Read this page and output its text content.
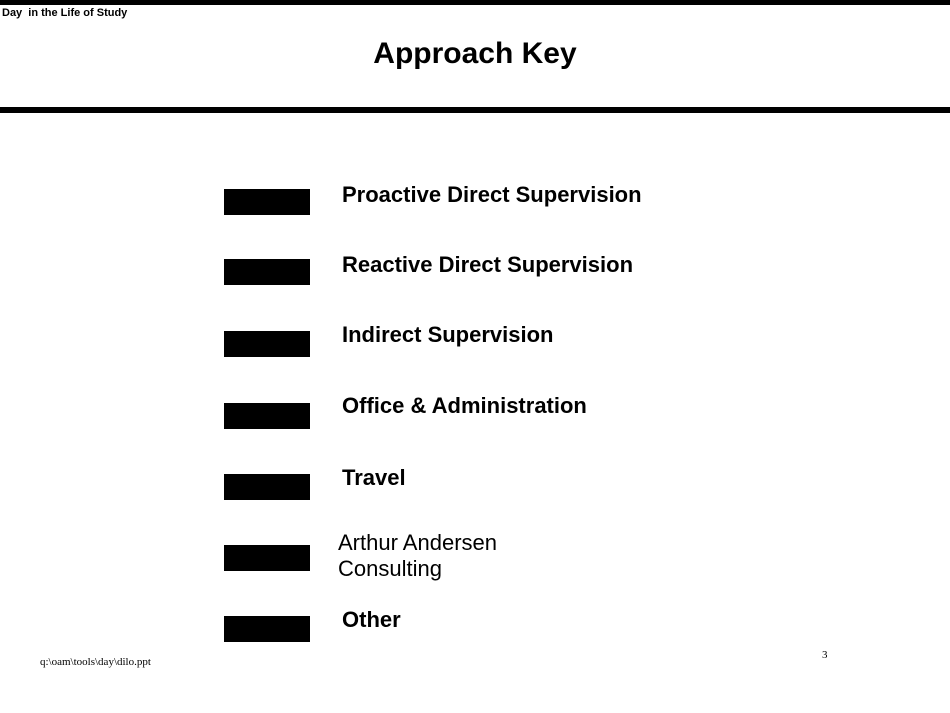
Day  in the Life of Study
Approach Key
Proactive Direct Supervision
Reactive Direct Supervision
Indirect Supervision
Office & Administration
Travel
Arthur Andersen
Consulting
Other
q:\oam\tools\day\dilo.ppt
3
